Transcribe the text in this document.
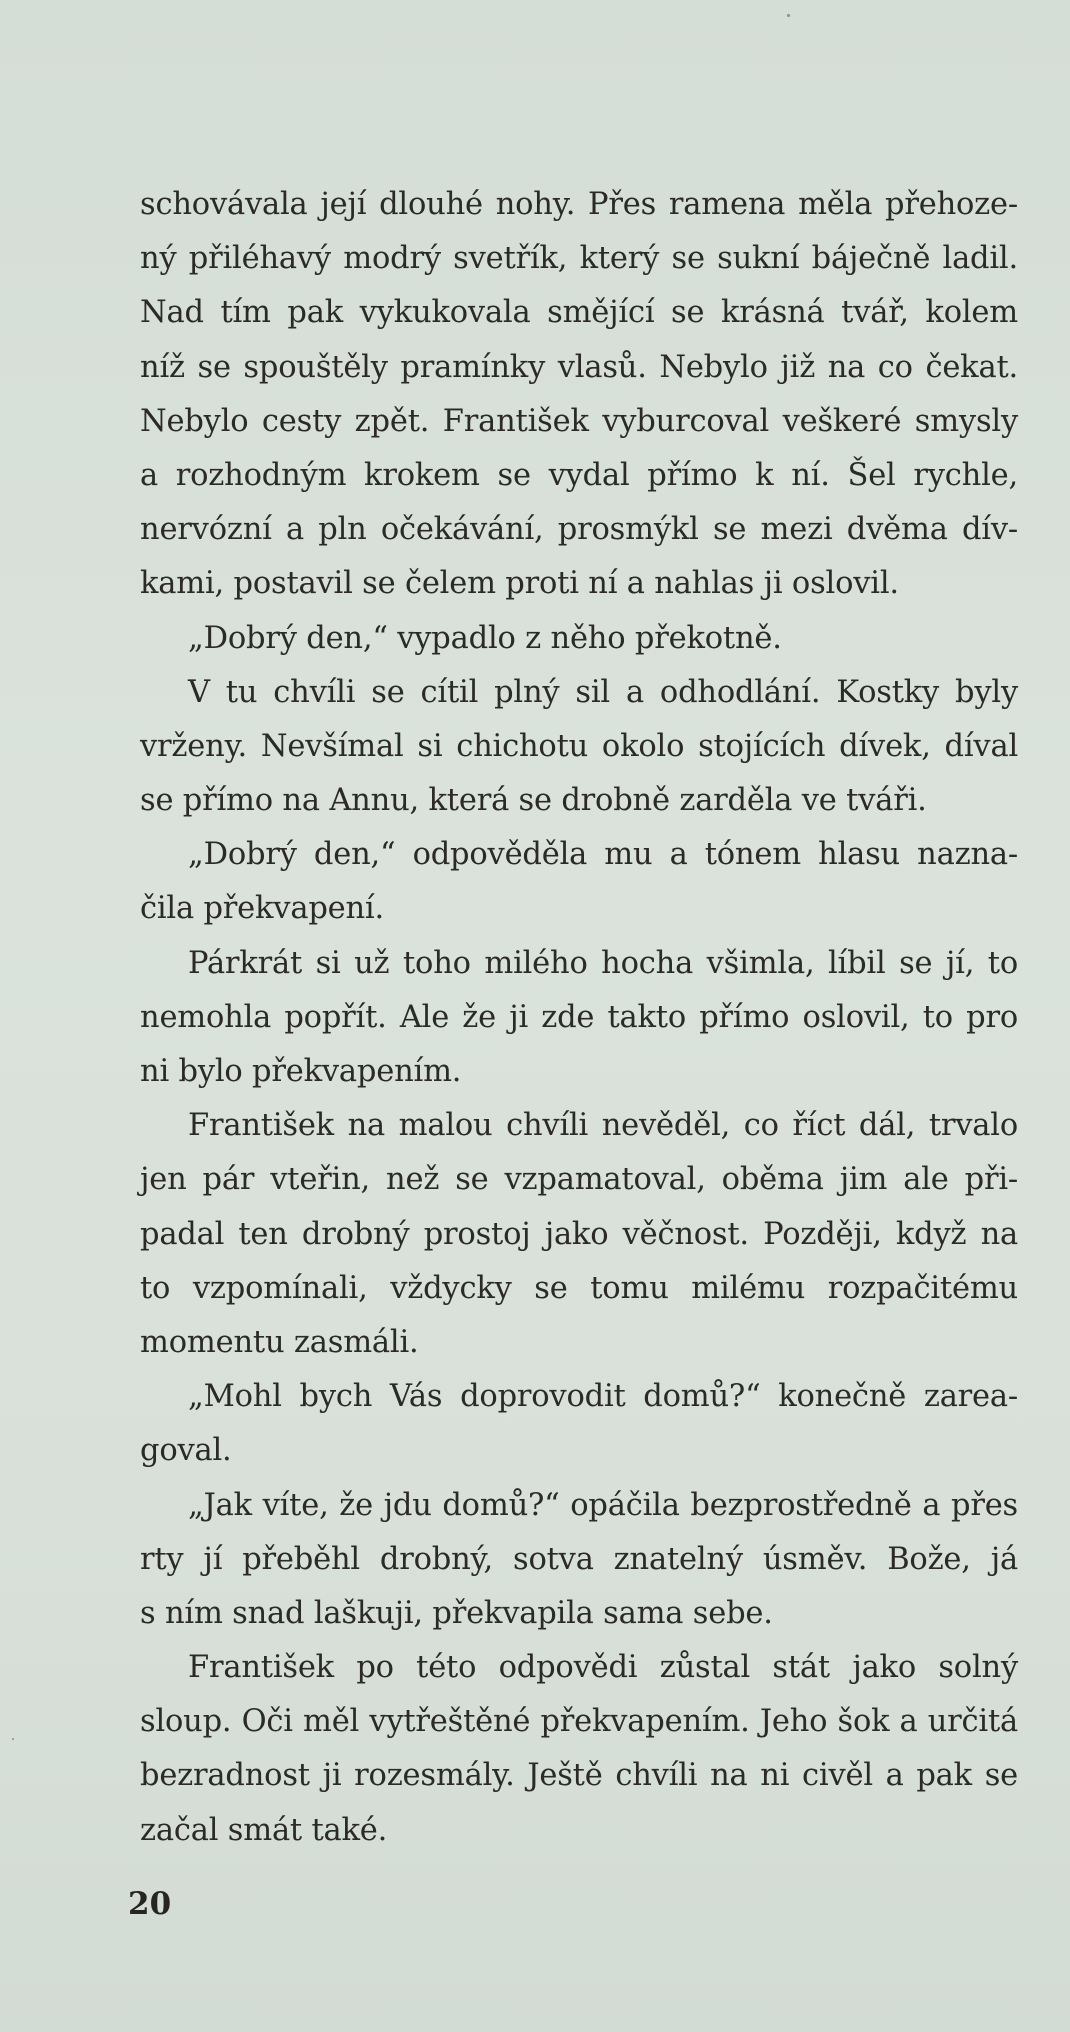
schovávala její dlouhé nohy. Přes ramena měla přehoze-
ný přiléhavý modrý svetřík, který se sukní báječně ladil.
Nad tím pak vykukovala smějící se krásná tvář, kolem
níž se spouštěly pramínky vlasů. Nebylo již na co čekat.
Nebylo cesty zpět. František vyburcoval veškeré smysly
a rozhodným krokem se vydal přímo k ní. Šel rychle,
nervózní a pln očekávání, prosmýkl se mezi dvěma dív-
kami, postavil se čelem proti ní a nahlas ji oslovil.
„Dobrý den,“ vypadlo z něho překotně.
V tu chvíli se cítil plný sil a odhodlání. Kostky byly
vrženy. Nevšímal si chichotu okolo stojících dívek, díval
se přímo na Annu, která se drobně zarděla ve tváři.
„Dobrý den,“ odpověděla mu a tónem hlasu nazna-
čila překvapení.
Párkrát si už toho milého hocha všimla, líbil se jí, to
nemohla popřít. Ale že ji zde takto přímo oslovil, to pro
ni bylo překvapením.
František na malou chvíli nevěděl, co říct dál, trvalo
jen pár vteřin, než se vzpamatoval, oběma jim ale při-
padal ten drobný prostoj jako věčnost. Později, když na
to vzpomínali, vždycky se tomu milému rozpačitému
momentu zasmáli.
„Mohl bych Vás doprovodit domů?“ konečně zarea-
goval.
„Jak víte, že jdu domů?“ opáčila bezprostředně a přes
rty jí přeběhl drobný, sotva znatelný úsměv. Bože, já
s ním snad laškuji, překvapila sama sebe.
František po této odpovědi zůstal stát jako solný
sloup. Oči měl vytřeštěné překvapením. Jeho šok a určitá
bezradnost ji rozesmály. Ještě chvíli na ni civěl a pak se
začal smát také.
20
